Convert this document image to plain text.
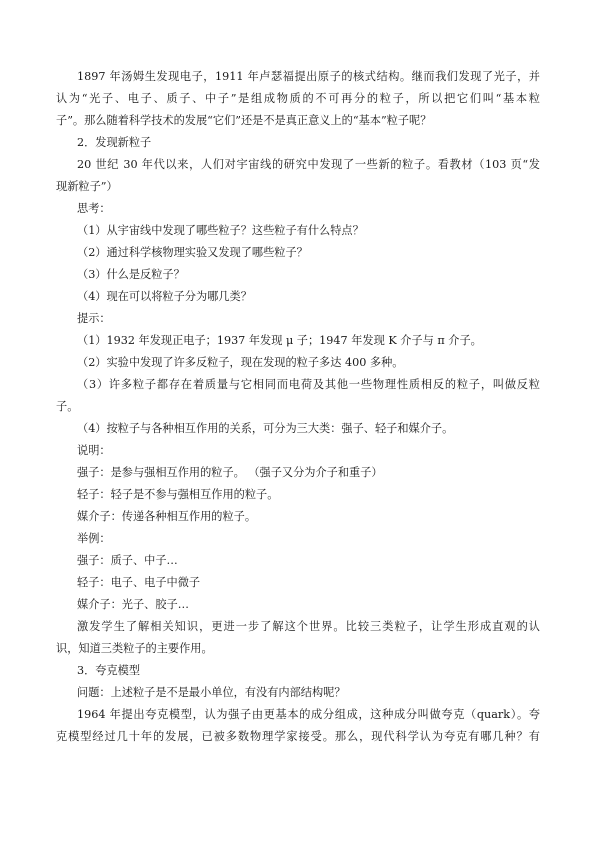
1897 年汤姆生发现电子，1911 年卢瑟福提出原子的核式结构。继而我们发现了光子，并
认为“光子、电子、质子、中子”是组成物质的不可再分的粒子，所以把它们叫“基本粒
子”。那么随着科学技术的发展“它们”还是不是真正意义上的“基本”粒子呢？
2．发现新粒子
20 世纪 30 年代以来，人们对宇宙线的研究中发现了一些新的粒子。看教材（103 页“发
现新粒子”）
思考：
（1）从宇宙线中发现了哪些粒子？这些粒子有什么特点？
（2）通过科学核物理实验又发现了哪些粒子？
（3）什么是反粒子？
（4）现在可以将粒子分为哪几类？
提示：
（1）1932 年发现正电子；1937 年发现 μ 子；1947 年发现 K 介子与 π 介子。
（2）实验中发现了许多反粒子，现在发现的粒子多达 400 多种。
（3）许多粒子都存在着质量与它相同而电荷及其他一些物理性质相反的粒子，叫做反粒
子。
（4）按粒子与各种相互作用的关系，可分为三大类：强子、轻子和媒介子。
说明：
强子：是参与强相互作用的粒子。 （强子又分为介子和重子）
轻子：轻子是不参与强相互作用的粒子。
媒介子：传递各种相互作用的粒子。
举例：
强子：质子、中子…
轻子：电子、电子中微子
媒介子：光子、胶子…
激发学生了解相关知识，更进一步了解这个世界。比较三类粒子，让学生形成直观的认
识，知道三类粒子的主要作用。
3．夸克模型
问题：上述粒子是不是最小单位，有没有内部结构呢？
1964 年提出夸克模型，认为强子由更基本的成分组成，这种成分叫做夸克（quark）。夸
克模型经过几十年的发展，已被多数物理学家接受。那么，现代科学认为夸克有哪几种？有
